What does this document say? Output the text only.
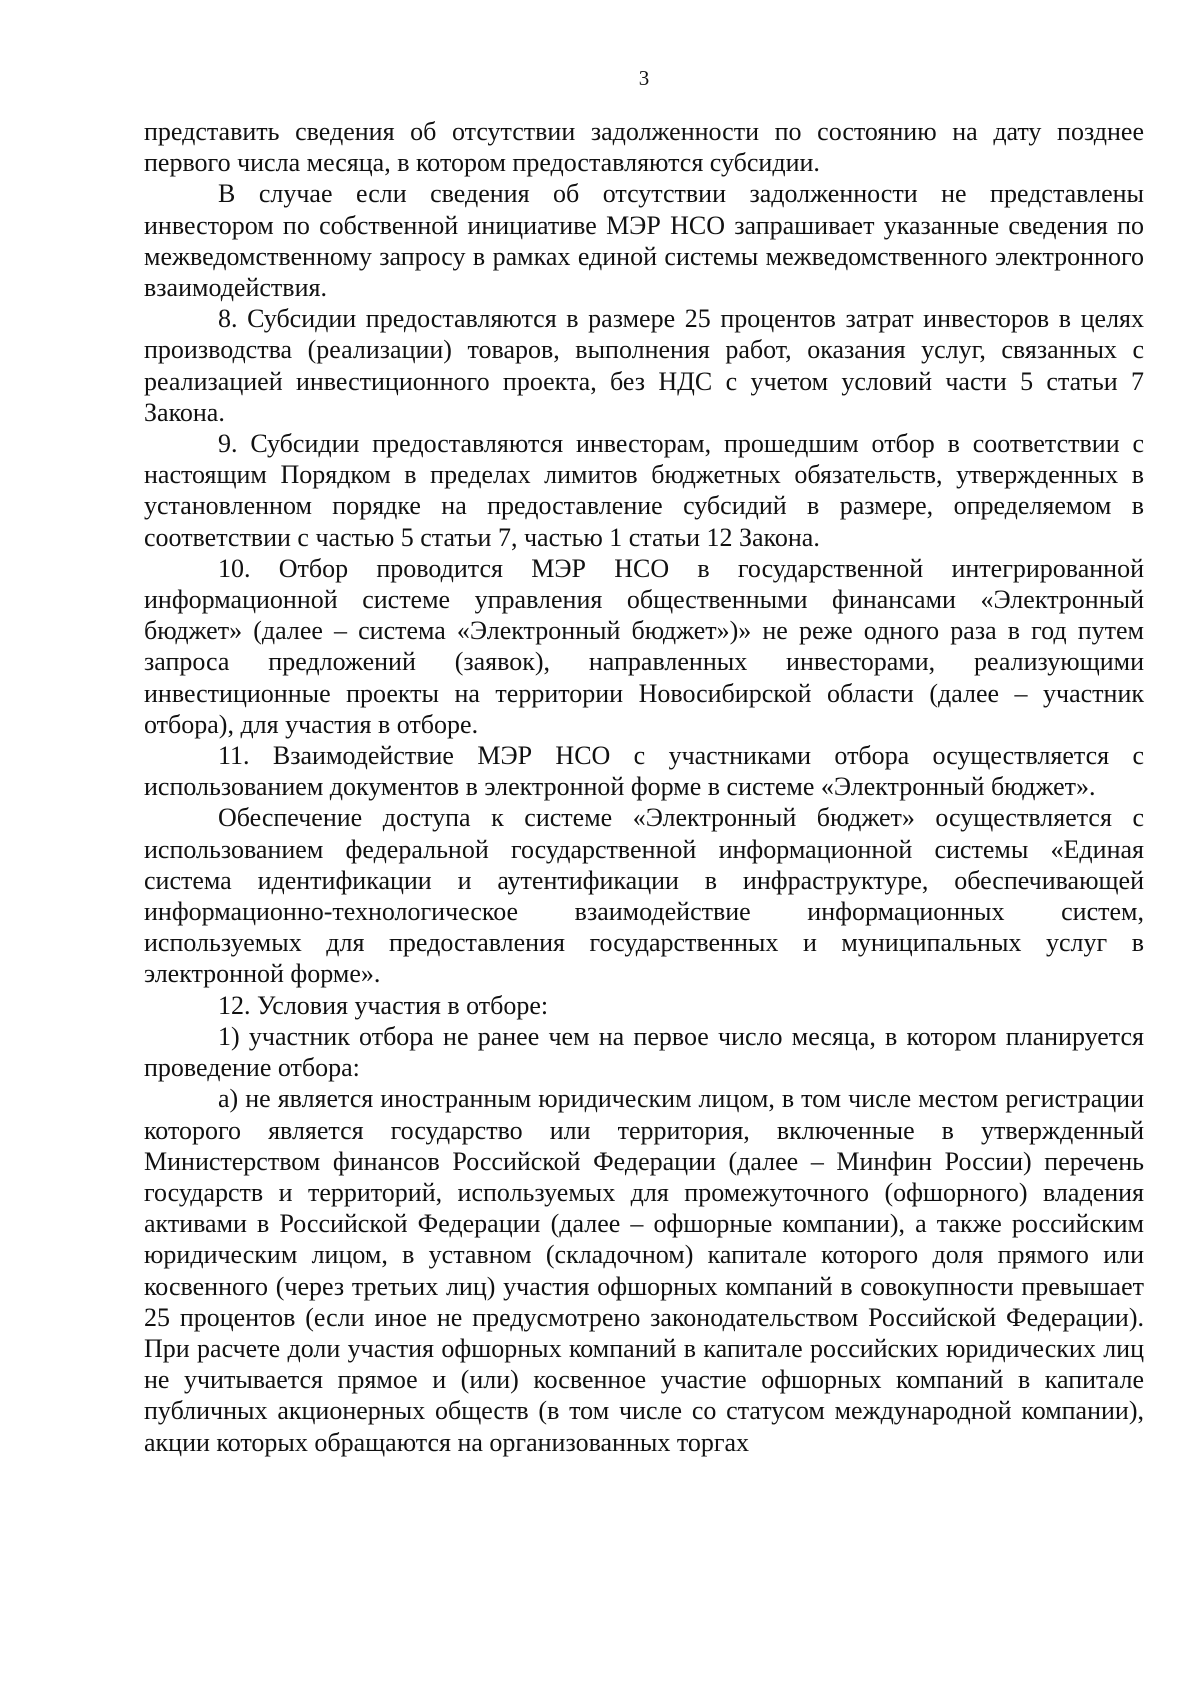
3

представить сведения об отсутствии задолженности по состоянию на дату позднее первого числа месяца, в котором предоставляются субсидии.

В случае если сведения об отсутствии задолженности не представлены инвестором по собственной инициативе МЭР НСО запрашивает указанные сведения по межведомственному запросу в рамках единой системы межведомственного электронного взаимодействия.

8. Субсидии предоставляются в размере 25 процентов затрат инвесторов в целях производства (реализации) товаров, выполнения работ, оказания услуг, связанных с реализацией инвестиционного проекта, без НДС с учетом условий части 5 статьи 7 Закона.

9. Субсидии предоставляются инвесторам, прошедшим отбор в соответствии с настоящим Порядком в пределах лимитов бюджетных обязательств, утвержденных в установленном порядке на предоставление субсидий в размере, определяемом в соответствии с частью 5 статьи 7, частью 1 статьи 12 Закона.

10. Отбор проводится МЭР НСО в государственной интегрированной информационной системе управления общественными финансами «Электронный бюджет» (далее – система «Электронный бюджет»)» не реже одного раза в год путем запроса предложений (заявок), направленных инвесторами, реализующими инвестиционные проекты на территории Новосибирской области (далее – участник отбора), для участия в отборе.

11. Взаимодействие МЭР НСО с участниками отбора осуществляется с использованием документов в электронной форме в системе «Электронный бюджет».

Обеспечение доступа к системе «Электронный бюджет» осуществляется с использованием федеральной государственной информационной системы «Единая система идентификации и аутентификации в инфраструктуре, обеспечивающей информационно-технологическое взаимодействие информационных систем, используемых для предоставления государственных и муниципальных услуг в электронной форме».

12. Условия участия в отборе:

1) участник отбора не ранее чем на первое число месяца, в котором планируется проведение отбора:

а) не является иностранным юридическим лицом, в том числе местом регистрации которого является государство или территория, включенные в утвержденный Министерством финансов Российской Федерации (далее – Минфин России) перечень государств и территорий, используемых для промежуточного (офшорного) владения активами в Российской Федерации (далее – офшорные компании), а также российским юридическим лицом, в уставном (складочном) капитале которого доля прямого или косвенного (через третьих лиц) участия офшорных компаний в совокупности превышает 25 процентов (если иное не предусмотрено законодательством Российской Федерации). При расчете доли участия офшорных компаний в капитале российских юридических лиц не учитывается прямое и (или) косвенное участие офшорных компаний в капитале публичных акционерных обществ (в том числе со статусом международной компании), акции которых обращаются на организованных торгах
